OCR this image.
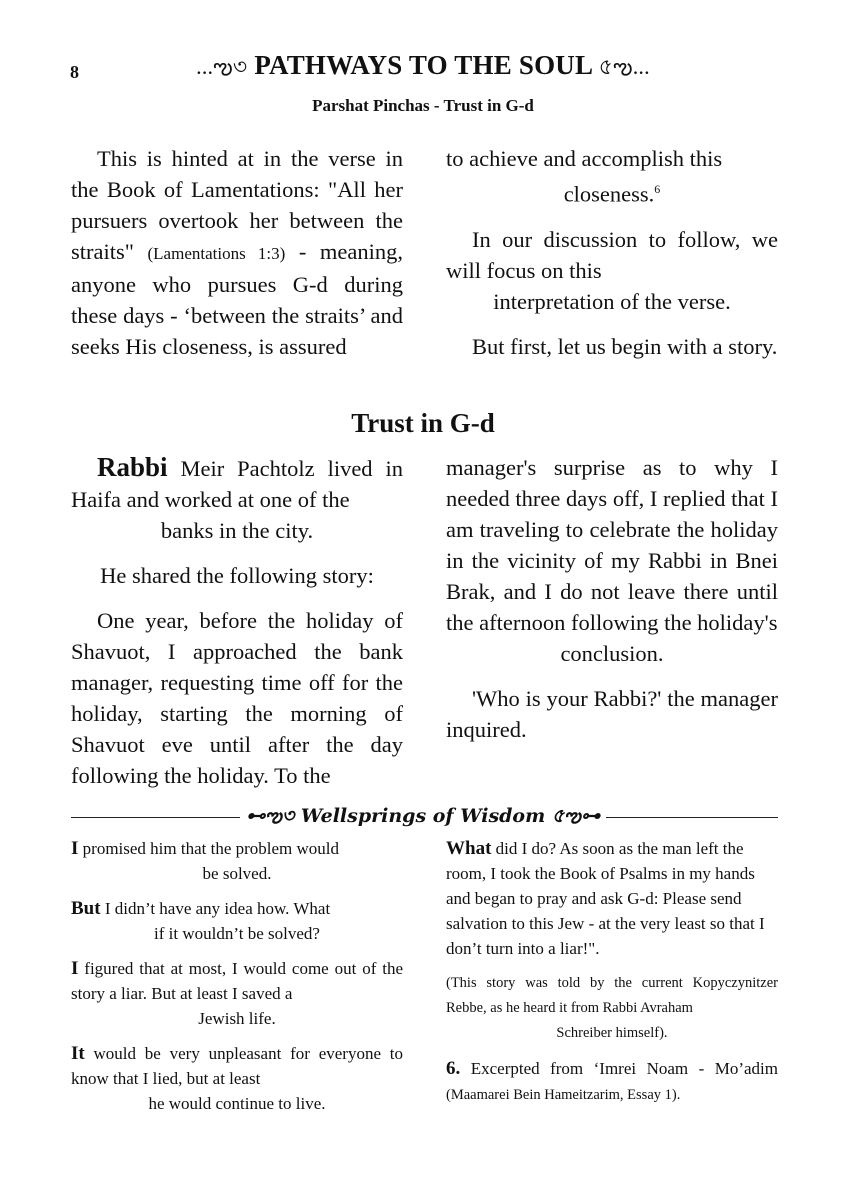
8	...ఌ৩ PATHWAYS TO THE SOUL ৫ఌ...
Parshat Pinchas - Trust in G-d

This is hinted at in the verse in the Book of Lamentations: "All her pursuers overtook her between the straits" (Lamentations 1:3) - meaning, anyone who pursues G-d during these days - ‘between the straits’ and seeks His closeness, is assured

to achieve and accomplish this

closeness.$^6$

In our discussion to follow, we will focus on this

interpretation of the verse.

But first, let us begin with a story.

Trust in G-d

Rabbi Meir Pachtolz lived in Haifa and worked at one of the

banks in the city.

He shared the following story:

One year, before the holiday of Shavuot, I approached the bank manager, requesting time off for the holiday, starting the morning of Shavuot eve until after the day following the holiday. To the

manager's surprise as to why I needed three days off, I replied that I am traveling to celebrate the holiday in the vicinity of my Rabbi in Bnei Brak, and I do not leave there until the afternoon following the holiday's

conclusion.

'Who is your Rabbi?' the manager inquired.

⊷ఌ৩ Wellsprings of Wisdom ৫ఌ⊶

I promised him that the problem would

be solved.

But I didn’t have any idea how. What

if it wouldn’t be solved?

I figured that at most, I would come out of the story a liar. But at least I saved a

Jewish life.

It would be very unpleasant for everyone to know that I lied, but at least

he would continue to live.

What did I do? As soon as the man left the room, I took the Book of Psalms in my hands and began to pray and ask G-d: Please send salvation to this Jew - at the very least so that I don’t turn into a liar!".

(This story was told by the current Kopyczynitzer Rebbe, as he heard it from Rabbi Avraham

Schreiber himself).

6. Excerpted from ‘Imrei Noam - Mo’adim (Maamarei Bein Hameitzarim, Essay 1).
